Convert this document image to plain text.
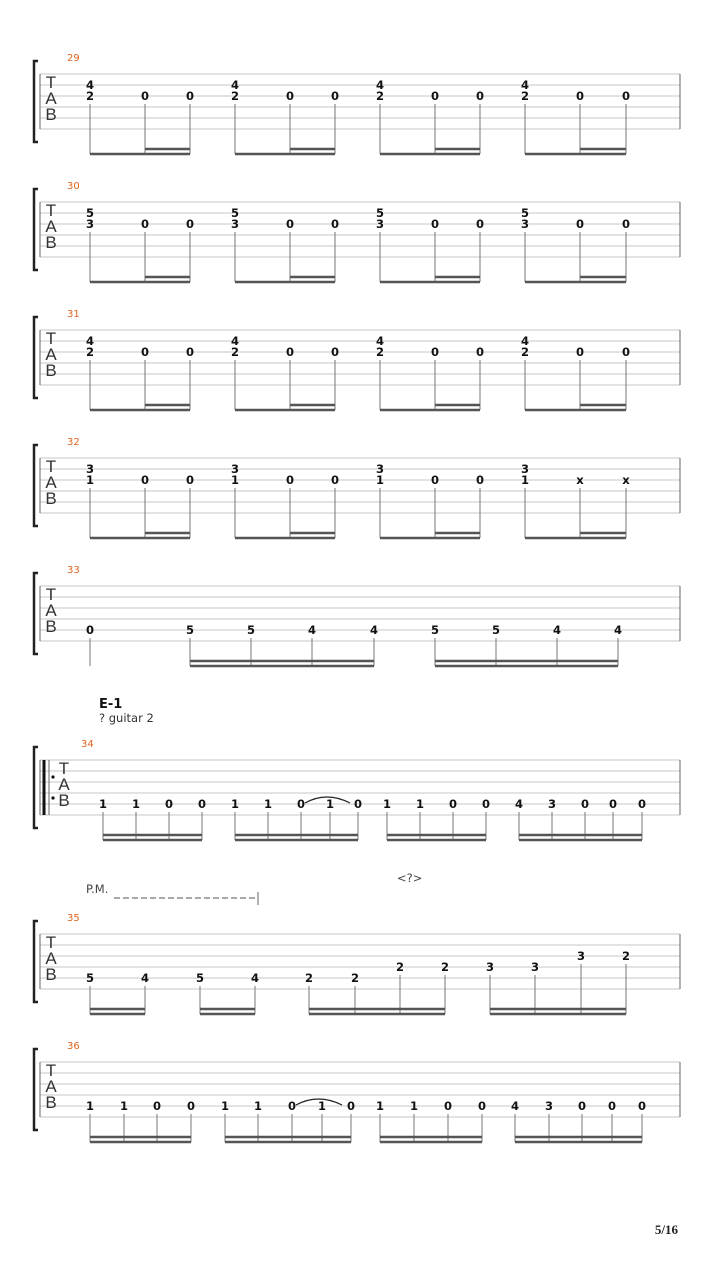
E-1
? guitar 2
P.M.
<?>
5/16
T
A
B
29
4
2	0	0
4
2	0	0
4
2	0	0
4
2	0	0
T
A
B
30
5
3	0	0
5
3	0	0
5
3	0	0
5
3	0	0
T
A
B
31
4
2	0	0
4
2	0	0
4
2	0	0
4
2	0	0
T
A
B
32
3
1	0	0
3
1	0	0
3
1	0	0
3
1	x	x
T
A
B
33
0	5	5	4	4	5	5	4	4
T
A
B
34
1 1 0 0 1 1 0 1 0 1 1 0 0 4 3 0 0 0
T
A
B
35
5	4	5	4	2	2
2	2	3	3
3	2
T
A
B
36
1 1 0 0 1 1 0 1 0 1 1 0 0 4 3 0 0 0
